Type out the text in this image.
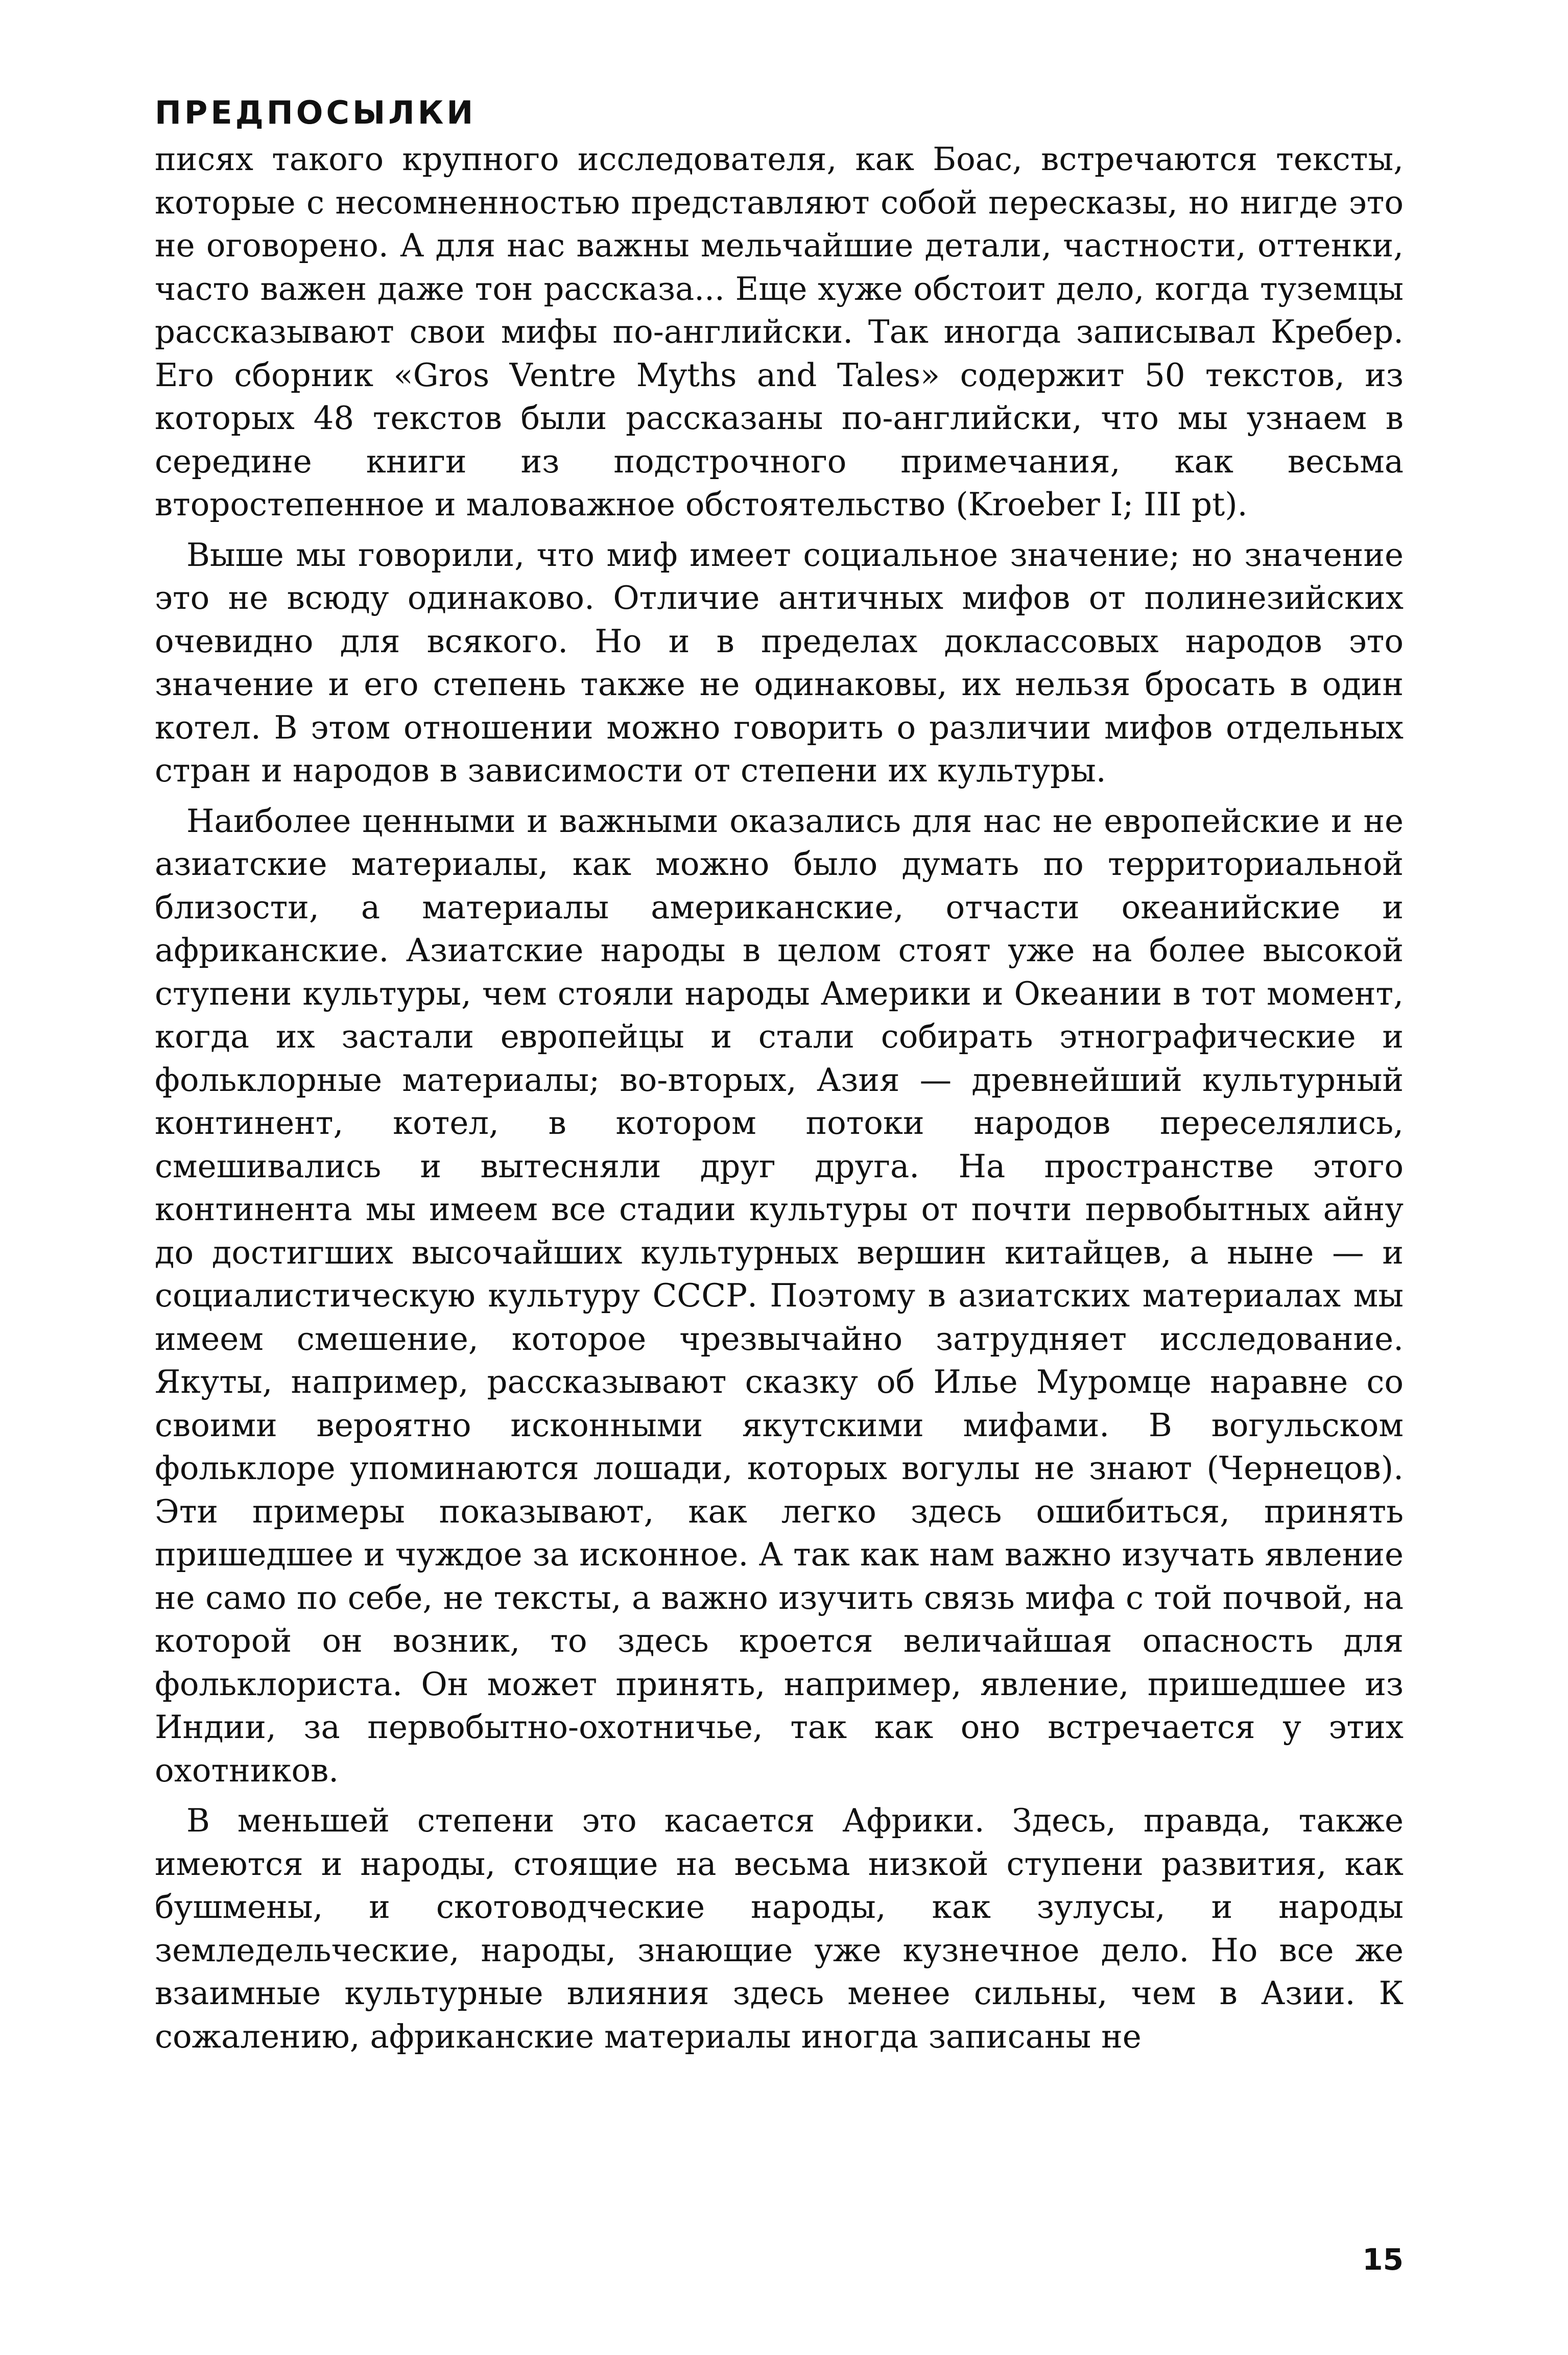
ПРЕДПОСЫЛКИ

писях такого крупного исследователя, как Боас, встречаются тексты, которые с несомненностью представляют собой пересказы, но нигде это не оговорено. А для нас важны мельчайшие детали, частности, оттенки, часто важен даже тон рассказа... Еще хуже обстоит дело, когда туземцы рассказывают свои мифы по-английски. Так иногда записывал Кребер. Его сборник «Gros Ventre Myths and Tales» содержит 50 текстов, из которых 48 текстов были рассказаны по-английски, что мы узнаем в середине книги из подстрочного примечания, как весьма второстепенное и маловажное обстоятельство (Kroeber I; III pt).

Выше мы говорили, что миф имеет социальное значение; но значение это не всюду одинаково. Отличие античных мифов от полинезийских очевидно для всякого. Но и в пределах доклассовых народов это значение и его степень также не одинаковы, их нельзя бросать в один котел. В этом отношении можно говорить о различии мифов отдельных стран и народов в зависимости от степени их культуры.

Наиболее ценными и важными оказались для нас не европейские и не азиатские материалы, как можно было думать по территориальной близости, а материалы американские, отчасти океанийские и африканские. Азиатские народы в целом стоят уже на более высокой ступени культуры, чем стояли народы Америки и Океании в тот момент, когда их застали европейцы и стали собирать этнографические и фольклорные материалы; во-вторых, Азия — древнейший культурный континент, котел, в котором потоки народов переселялись, смешивались и вытесняли друг друга. На пространстве этого континента мы имеем все стадии культуры от почти первобытных айну до достигших высочайших культурных вершин китайцев, а ныне — и социалистическую культуру СССР. Поэтому в азиатских материалах мы имеем смешение, которое чрезвычайно затрудняет исследование. Якуты, например, рассказывают сказку об Илье Муромце наравне со своими вероятно исконными якутскими мифами. В вогульском фольклоре упоминаются лошади, которых вогулы не знают (Чернецов). Эти примеры показывают, как легко здесь ошибиться, принять пришедшее и чуждое за исконное. А так как нам важно изучать явление не само по себе, не тексты, а важно изучить связь мифа с той почвой, на которой он возник, то здесь кроется величайшая опасность для фольклориста. Он может принять, например, явление, пришедшее из Индии, за первобытно-охотничье, так как оно встречается у этих охотников.

В меньшей степени это касается Африки. Здесь, правда, также имеются и народы, стоящие на весьма низкой ступени развития, как бушмены, и скотоводческие народы, как зулусы, и народы земледельческие, народы, знающие уже кузнечное дело. Но все же взаимные культурные влияния здесь менее сильны, чем в Азии. К сожалению, африканские материалы иногда записаны не

15
